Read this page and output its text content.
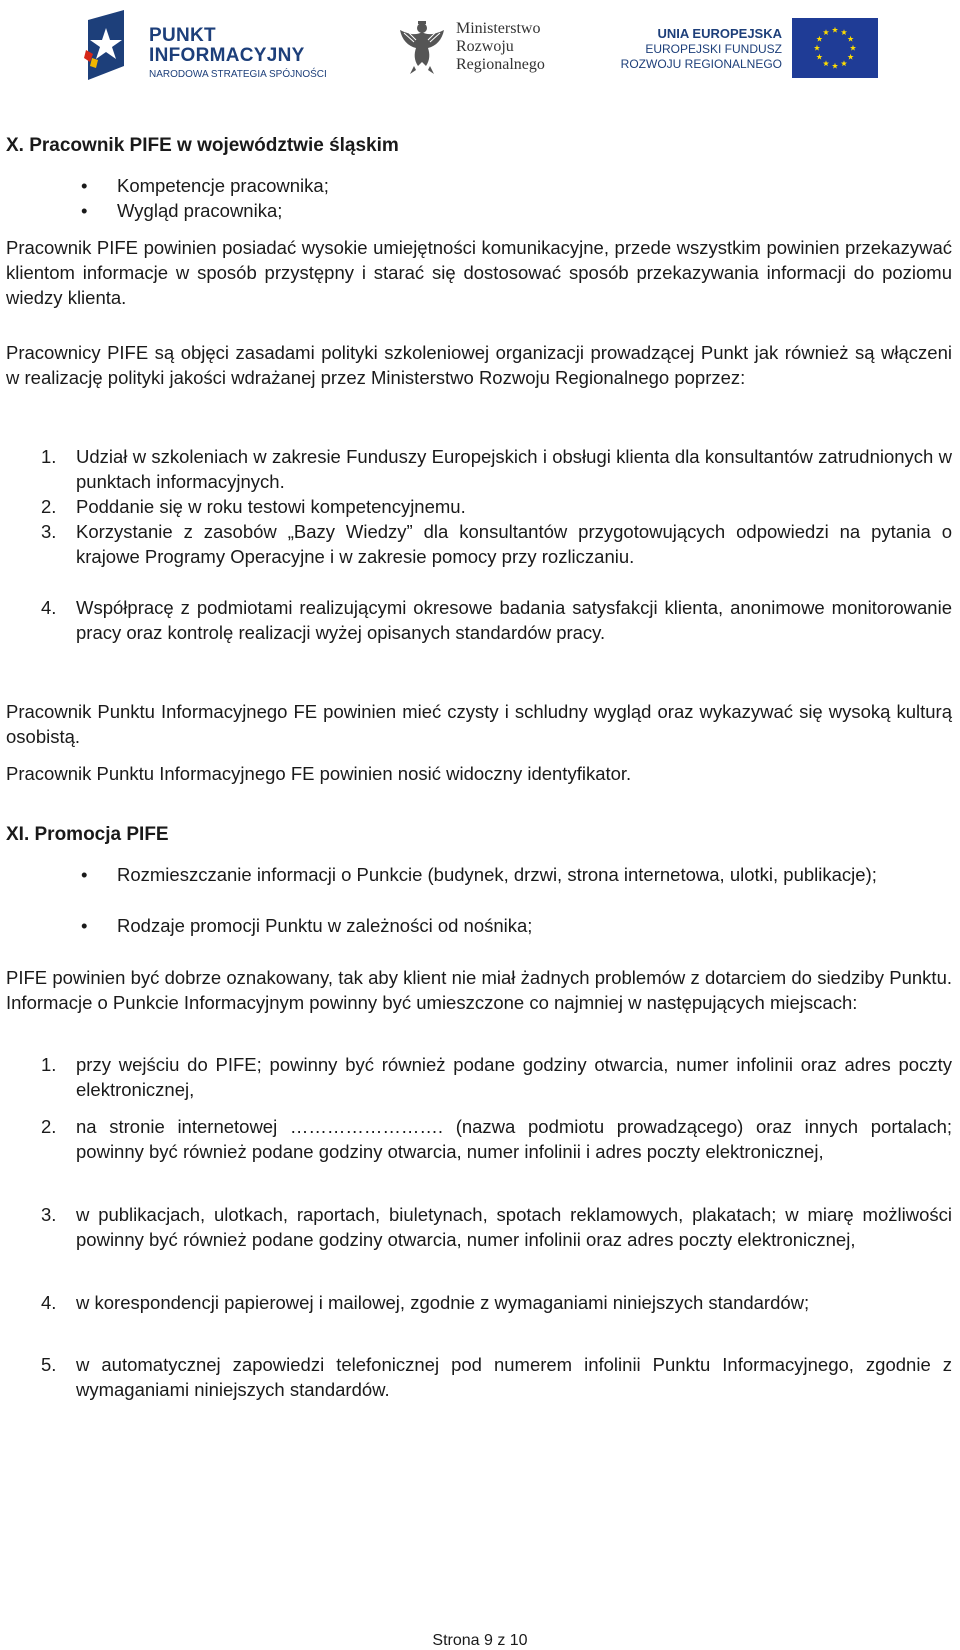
PUNKT
INFORMACYJNY
NARODOWA STRATEGIA SPÓJNOŚCI
Ministerstwo
Rozwoju
Regionalnego
UNIA EUROPEJSKA
EUROPEJSKI FUNDUSZ
ROZWOJU REGIONALNEGO
X. Pracownik PIFE w województwie śląskim
• Kompetencje pracownika;
• Wygląd pracownika;
Pracownik PIFE powinien posiadać wysokie umiejętności komunikacyjne, przede wszystkim powinien przekazywać klientom informacje w sposób przystępny i starać się dostosować sposób przekazywania informacji do poziomu wiedzy klienta.
Pracownicy PIFE są objęci zasadami polityki szkoleniowej organizacji prowadzącej Punkt jak również są włączeni w realizację polityki jakości wdrażanej przez Ministerstwo Rozwoju Regionalnego poprzez:
1. Udział w szkoleniach w zakresie Funduszy Europejskich i obsługi klienta dla konsultantów zatrudnionych w punktach informacyjnych.
2. Poddanie się w roku testowi kompetencyjnemu.
3. Korzystanie z zasobów „Bazy Wiedzy” dla konsultantów przygotowujących odpowiedzi na pytania o krajowe Programy Operacyjne i w zakresie pomocy przy rozliczaniu.
4. Współpracę z podmiotami realizującymi okresowe badania satysfakcji klienta, anonimowe monitorowanie pracy oraz kontrolę realizacji wyżej opisanych standardów pracy.
Pracownik Punktu Informacyjnego FE powinien mieć czysty i schludny wygląd oraz wykazywać się wysoką kulturą osobistą.
Pracownik Punktu Informacyjnego FE powinien nosić widoczny identyfikator.
XI. Promocja PIFE
• Rozmieszczanie informacji o Punkcie (budynek, drzwi, strona internetowa, ulotki, publikacje);
• Rodzaje promocji Punktu w zależności od nośnika;
PIFE powinien być dobrze oznakowany, tak aby klient nie miał żadnych problemów z dotarciem do siedziby Punktu. Informacje o Punkcie Informacyjnym powinny być umieszczone co najmniej w następujących miejscach:
1. przy wejściu do PIFE; powinny być również podane godziny otwarcia, numer infolinii oraz adres poczty elektronicznej,
2. na stronie internetowej ……………………. (nazwa podmiotu prowadzącego) oraz innych portalach; powinny być również podane godziny otwarcia, numer infolinii i adres poczty elektronicznej,
3. w publikacjach, ulotkach, raportach, biuletynach, spotach reklamowych, plakatach; w miarę możliwości powinny być również podane godziny otwarcia, numer infolinii oraz adres poczty elektronicznej,
4. w korespondencji papierowej i mailowej, zgodnie z wymaganiami niniejszych standardów;
5. w automatycznej zapowiedzi telefonicznej pod numerem infolinii Punktu Informacyjnego, zgodnie z wymaganiami niniejszych standardów.
Strona 9 z 10
